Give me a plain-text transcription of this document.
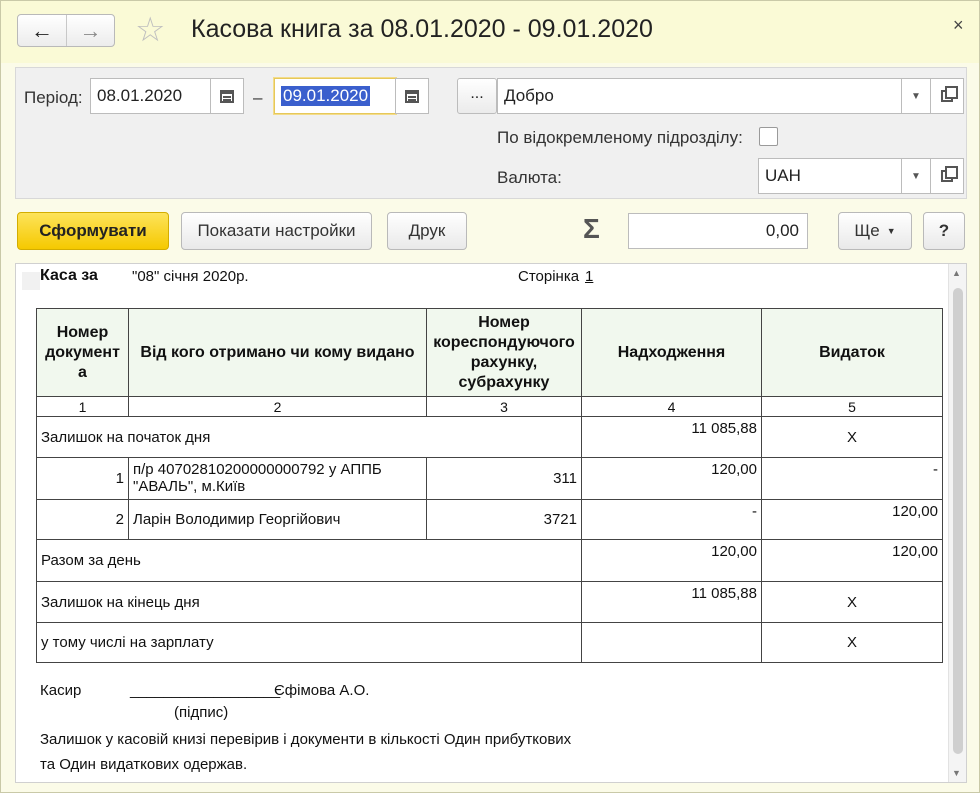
←	→ ☆ Касова книга за 08.01.2020 - 09.01.2020	×
Період: 08.01.2020	–	09.01.2020	...	Добро	▼
По відокремленому підрозділу:
Валюта:	UAH	▼
Сформувати	Показати настройки	Друк	Σ	0,00	Ще ▼	?
Каса за "08" січня 2020р.	Сторінка 1
Номер документ а	Від кого отримано чи кому видано	Номер кореспондуючого рахунку, субрахунку	Надходження	Видаток
1	2	3	4	5
Залишок на початок дня			11 085,88	Х
1	п/р 40702810200000000792 у АППБ "АВАЛЬ", м.Київ	311	120,00	-
2	Ларін Володимир Георгійович	3721	-	120,00
Разом за день			120,00	120,00
Залишок на кінець дня			11 085,88	Х
у тому числі на зарплату				Х
Касир	__________________
Єфімова А.О.
(підпис)
Залишок у касовій книзі перевірив і документи в кількості Один прибуткових
та Один видаткових одержав.
▲
▼
